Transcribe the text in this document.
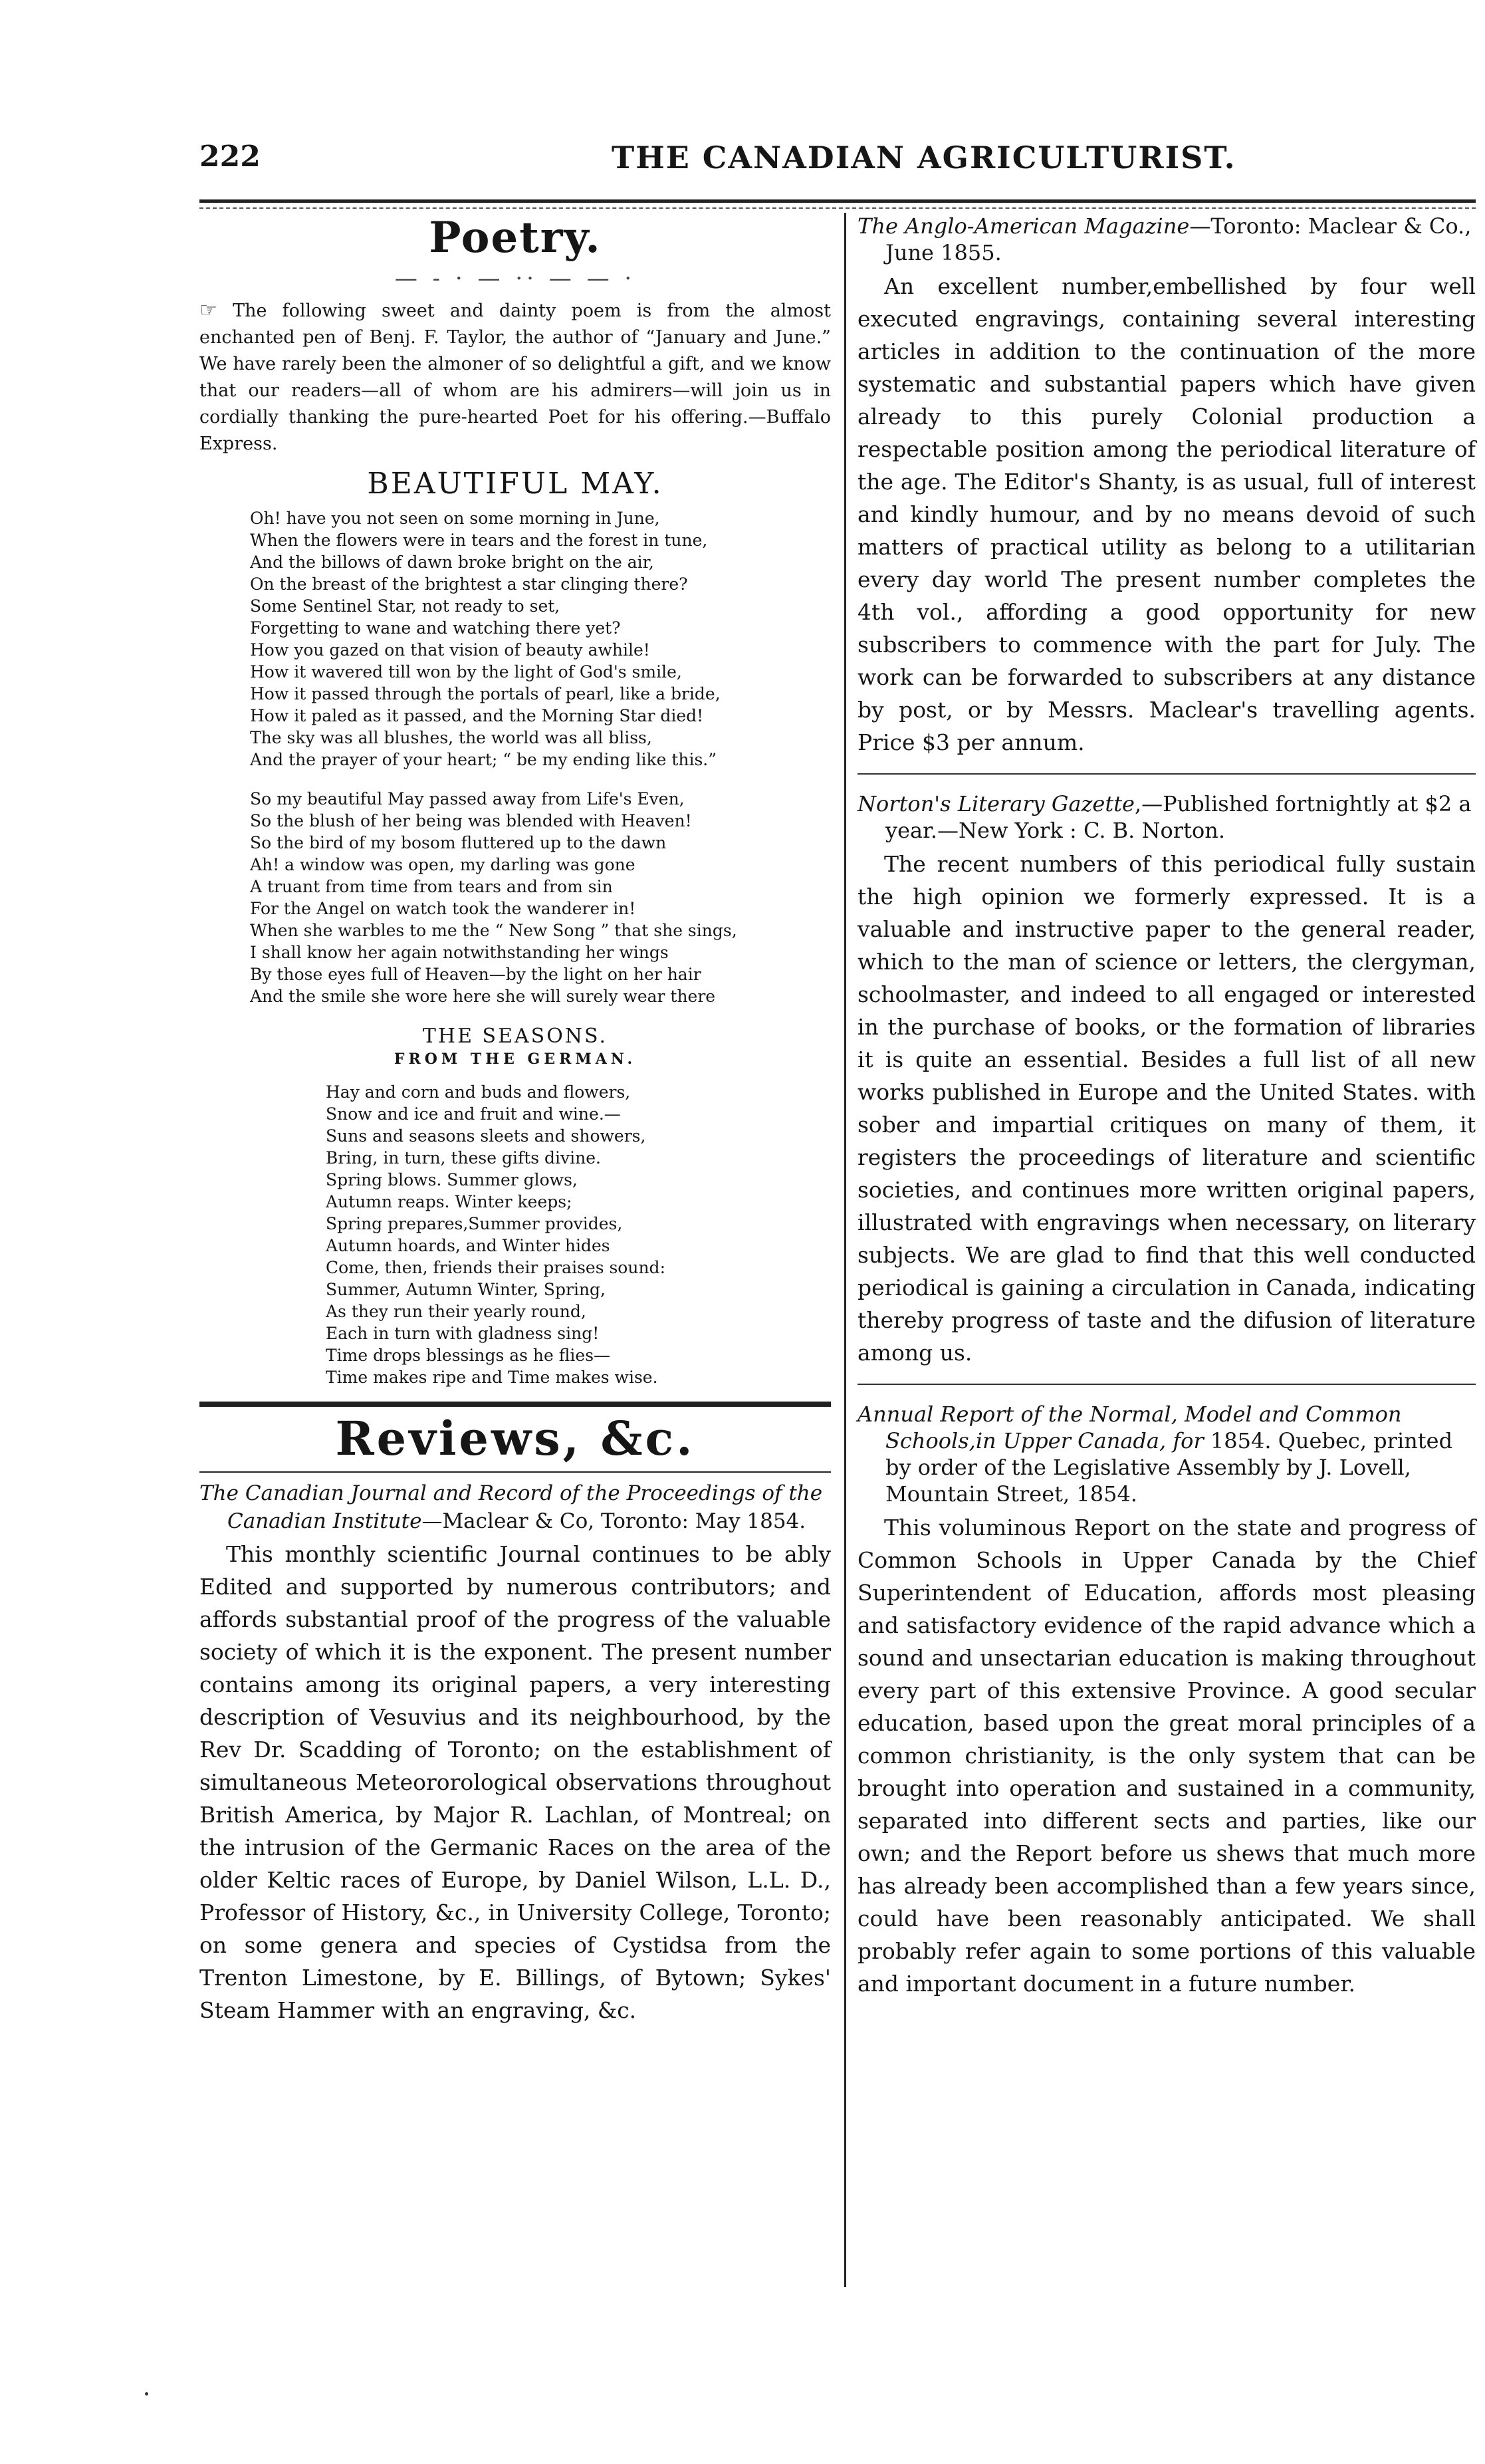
222	THE CANADIAN AGRICULTURIST.
Poetry.
— - · — ·· — — ·

☞ The following sweet and dainty poem is from the almost enchanted pen of Benj. F. Taylor, the author of “January and June.” We have rarely been the almoner of so delightful a gift, and we know that our readers—all of whom are his admirers—will join us in cordially thanking the pure-hearted Poet for his offering.—Buffalo Express.

BEAUTIFUL MAY.
Oh! have you not seen on some morning in June,
When the flowers were in tears and the forest in tune,
And the billows of dawn broke bright on the air,
On the breast of the brightest a star clinging there?
Some Sentinel Star, not ready to set,
Forgetting to wane and watching there yet?
How you gazed on that vision of beauty awhile!
How it wavered till won by the light of God's smile,
How it passed through the portals of pearl, like a bride,
How it paled as it passed, and the Morning Star died!
The sky was all blushes, the world was all bliss,
And the prayer of your heart; “ be my ending like this.”
So my beautiful May passed away from Life's Even,
So the blush of her being was blended with Heaven!
So the bird of my bosom fluttered up to the dawn
Ah! a window was open, my darling was gone
A truant from time from tears and from sin
For the Angel on watch took the wanderer in!
When she warbles to me the “ New Song ” that she sings,
I shall know her again notwithstanding her wings
By those eyes full of Heaven—by the light on her hair
And the smile she wore here she will surely wear there
THE SEASONS.
FROM THE GERMAN.
Hay and corn and buds and flowers,
Snow and ice and fruit and wine.—
Suns and seasons sleets and showers,
Bring, in turn, these gifts divine.
Spring blows. Summer glows,
Autumn reaps. Winter keeps;
Spring prepares,Summer provides,
Autumn hoards, and Winter hides
Come, then, friends their praises sound:
Summer, Autumn Winter, Spring,
As they run their yearly round,
Each in turn with gladness sing!
Time drops blessings as he flies—
Time makes ripe and Time makes wise.
Reviews, &c.

The Canadian Journal and Record of the Proceedings of the Canadian Institute—Maclear & Co, Toronto: May 1854.

This monthly scientific Journal continues to be ably Edited and supported by numerous contributors; and affords substantial proof of the progress of the valuable society of which it is the exponent. The present number contains among its original papers, a very interesting description of Vesuvius and its neighbourhood, by the Rev Dr. Scadding of Toronto; on the establishment of simultaneous Meteororological observations throughout British America, by Major R. Lachlan, of Montreal; on the intrusion of the Germanic Races on the area of the older Keltic races of Europe, by Daniel Wilson, L.L. D., Professor of History, &c., in University College, Toronto; on some genera and species of Cystidsa from the Trenton Limestone, by E. Billings, of Bytown; Sykes' Steam Hammer with an engraving, &c.

The Anglo-American Magazine—Toronto: Maclear & Co., June 1855.

An excellent number,embellished by four well executed engravings, containing several interesting articles in addition to the continuation of the more systematic and substantial papers which have given already to this purely Colonial production a respectable position among the periodical literature of the age. The Editor's Shanty, is as usual, full of interest and kindly humour, and by no means devoid of such matters of practical utility as belong to a utilitarian every day world The present number completes the 4th vol., affording a good opportunity for new subscribers to commence with the part for July. The work can be forwarded to subscribers at any distance by post, or by Messrs. Maclear's travelling agents. Price $3 per annum.

Norton's Literary Gazette,—Published fortnightly at $2 a year.—New York : C. B. Norton.

The recent numbers of this periodical fully sustain the high opinion we formerly expressed. It is a valuable and instructive paper to the general reader, which to the man of science or letters, the clergyman, schoolmaster, and indeed to all engaged or interested in the purchase of books, or the formation of libraries it is quite an essential. Besides a full list of all new works published in Europe and the United States. with sober and impartial critiques on many of them, it registers the proceedings of literature and scientific societies, and continues more written original papers, illustrated with engravings when necessary, on literary subjects. We are glad to find that this well conducted periodical is gaining a circulation in Canada, indicating thereby progress of taste and the difusion of literature among us.

Annual Report of the Normal, Model and Common Schools,in Upper Canada, for 1854. Quebec, printed by order of the Legislative Assembly by J. Lovell, Mountain Street, 1854.

This voluminous Report on the state and progress of Common Schools in Upper Canada by the Chief Superintendent of Education, affords most pleasing and satisfactory evidence of the rapid advance which a sound and unsectarian education is making throughout every part of this extensive Province. A good secular education, based upon the great moral principles of a common christianity, is the only system that can be brought into operation and sustained in a community, separated into different sects and parties, like our own; and the Report before us shews that much more has already been accomplished than a few years since, could have been reasonably anticipated. We shall probably refer again to some portions of this valuable and important document in a future number.
